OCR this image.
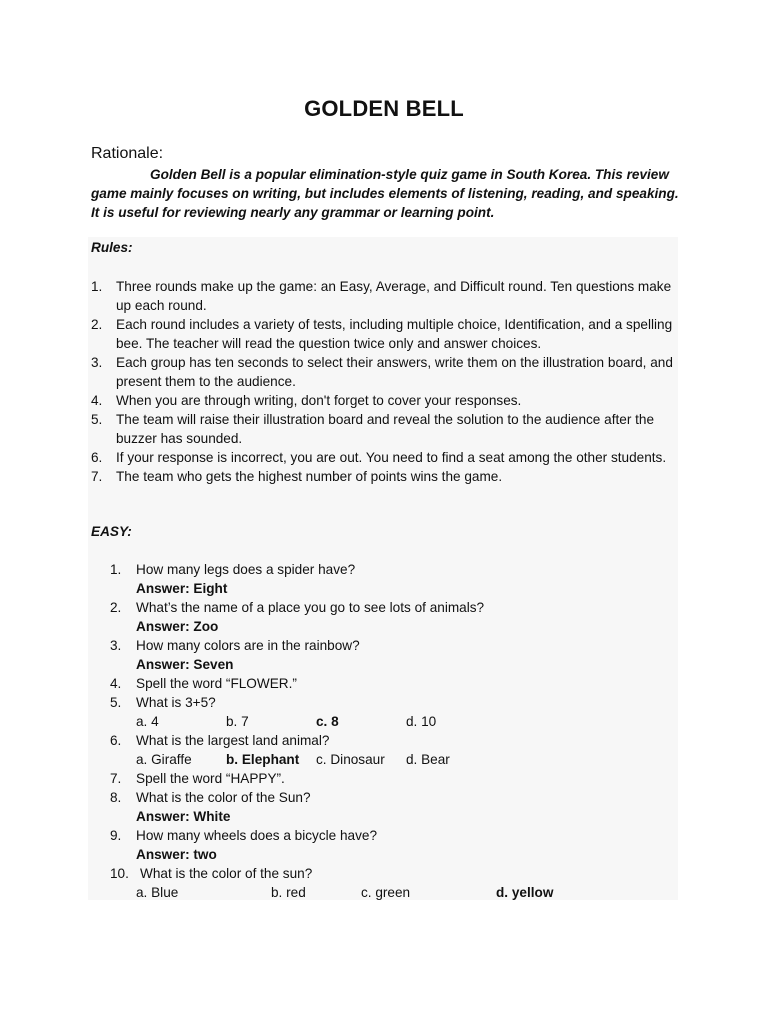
GOLDEN BELL
Rationale:
Golden Bell is a popular elimination-style quiz game in South Korea. This review game mainly focuses on writing, but includes elements of listening, reading, and speaking. It is useful for reviewing nearly any grammar or learning point.
Rules:
1. Three rounds make up the game: an Easy, Average, and Difficult round. Ten questions make up each round.
2. Each round includes a variety of tests, including multiple choice, Identification, and a spelling bee. The teacher will read the question twice only and answer choices.
3. Each group has ten seconds to select their answers, write them on the illustration board, and present them to the audience.
4. When you are through writing, don't forget to cover your responses.
5. The team will raise their illustration board and reveal the solution to the audience after the buzzer has sounded.
6. If your response is incorrect, you are out. You need to find a seat among the other students.
7. The team who gets the highest number of points wins the game.
EASY:
1. How many legs does a spider have?
Answer: Eight
2. What’s the name of a place you go to see lots of animals?
Answer: Zoo
3. How many colors are in the rainbow?
Answer: Seven
4. Spell the word “FLOWER.”
5. What is 3+5?
a. 4	b. 7	c. 8	d. 10
6. What is the largest land animal?
a. Giraffe	b. Elephant c. Dinosaur d. Bear
7. Spell the word “HAPPY”.
8. What is the color of the Sun?
Answer: White
9. How many wheels does a bicycle have?
Answer: two
10. What is the color of the sun?
a. Blue	b. red	c. green	d. yellow
